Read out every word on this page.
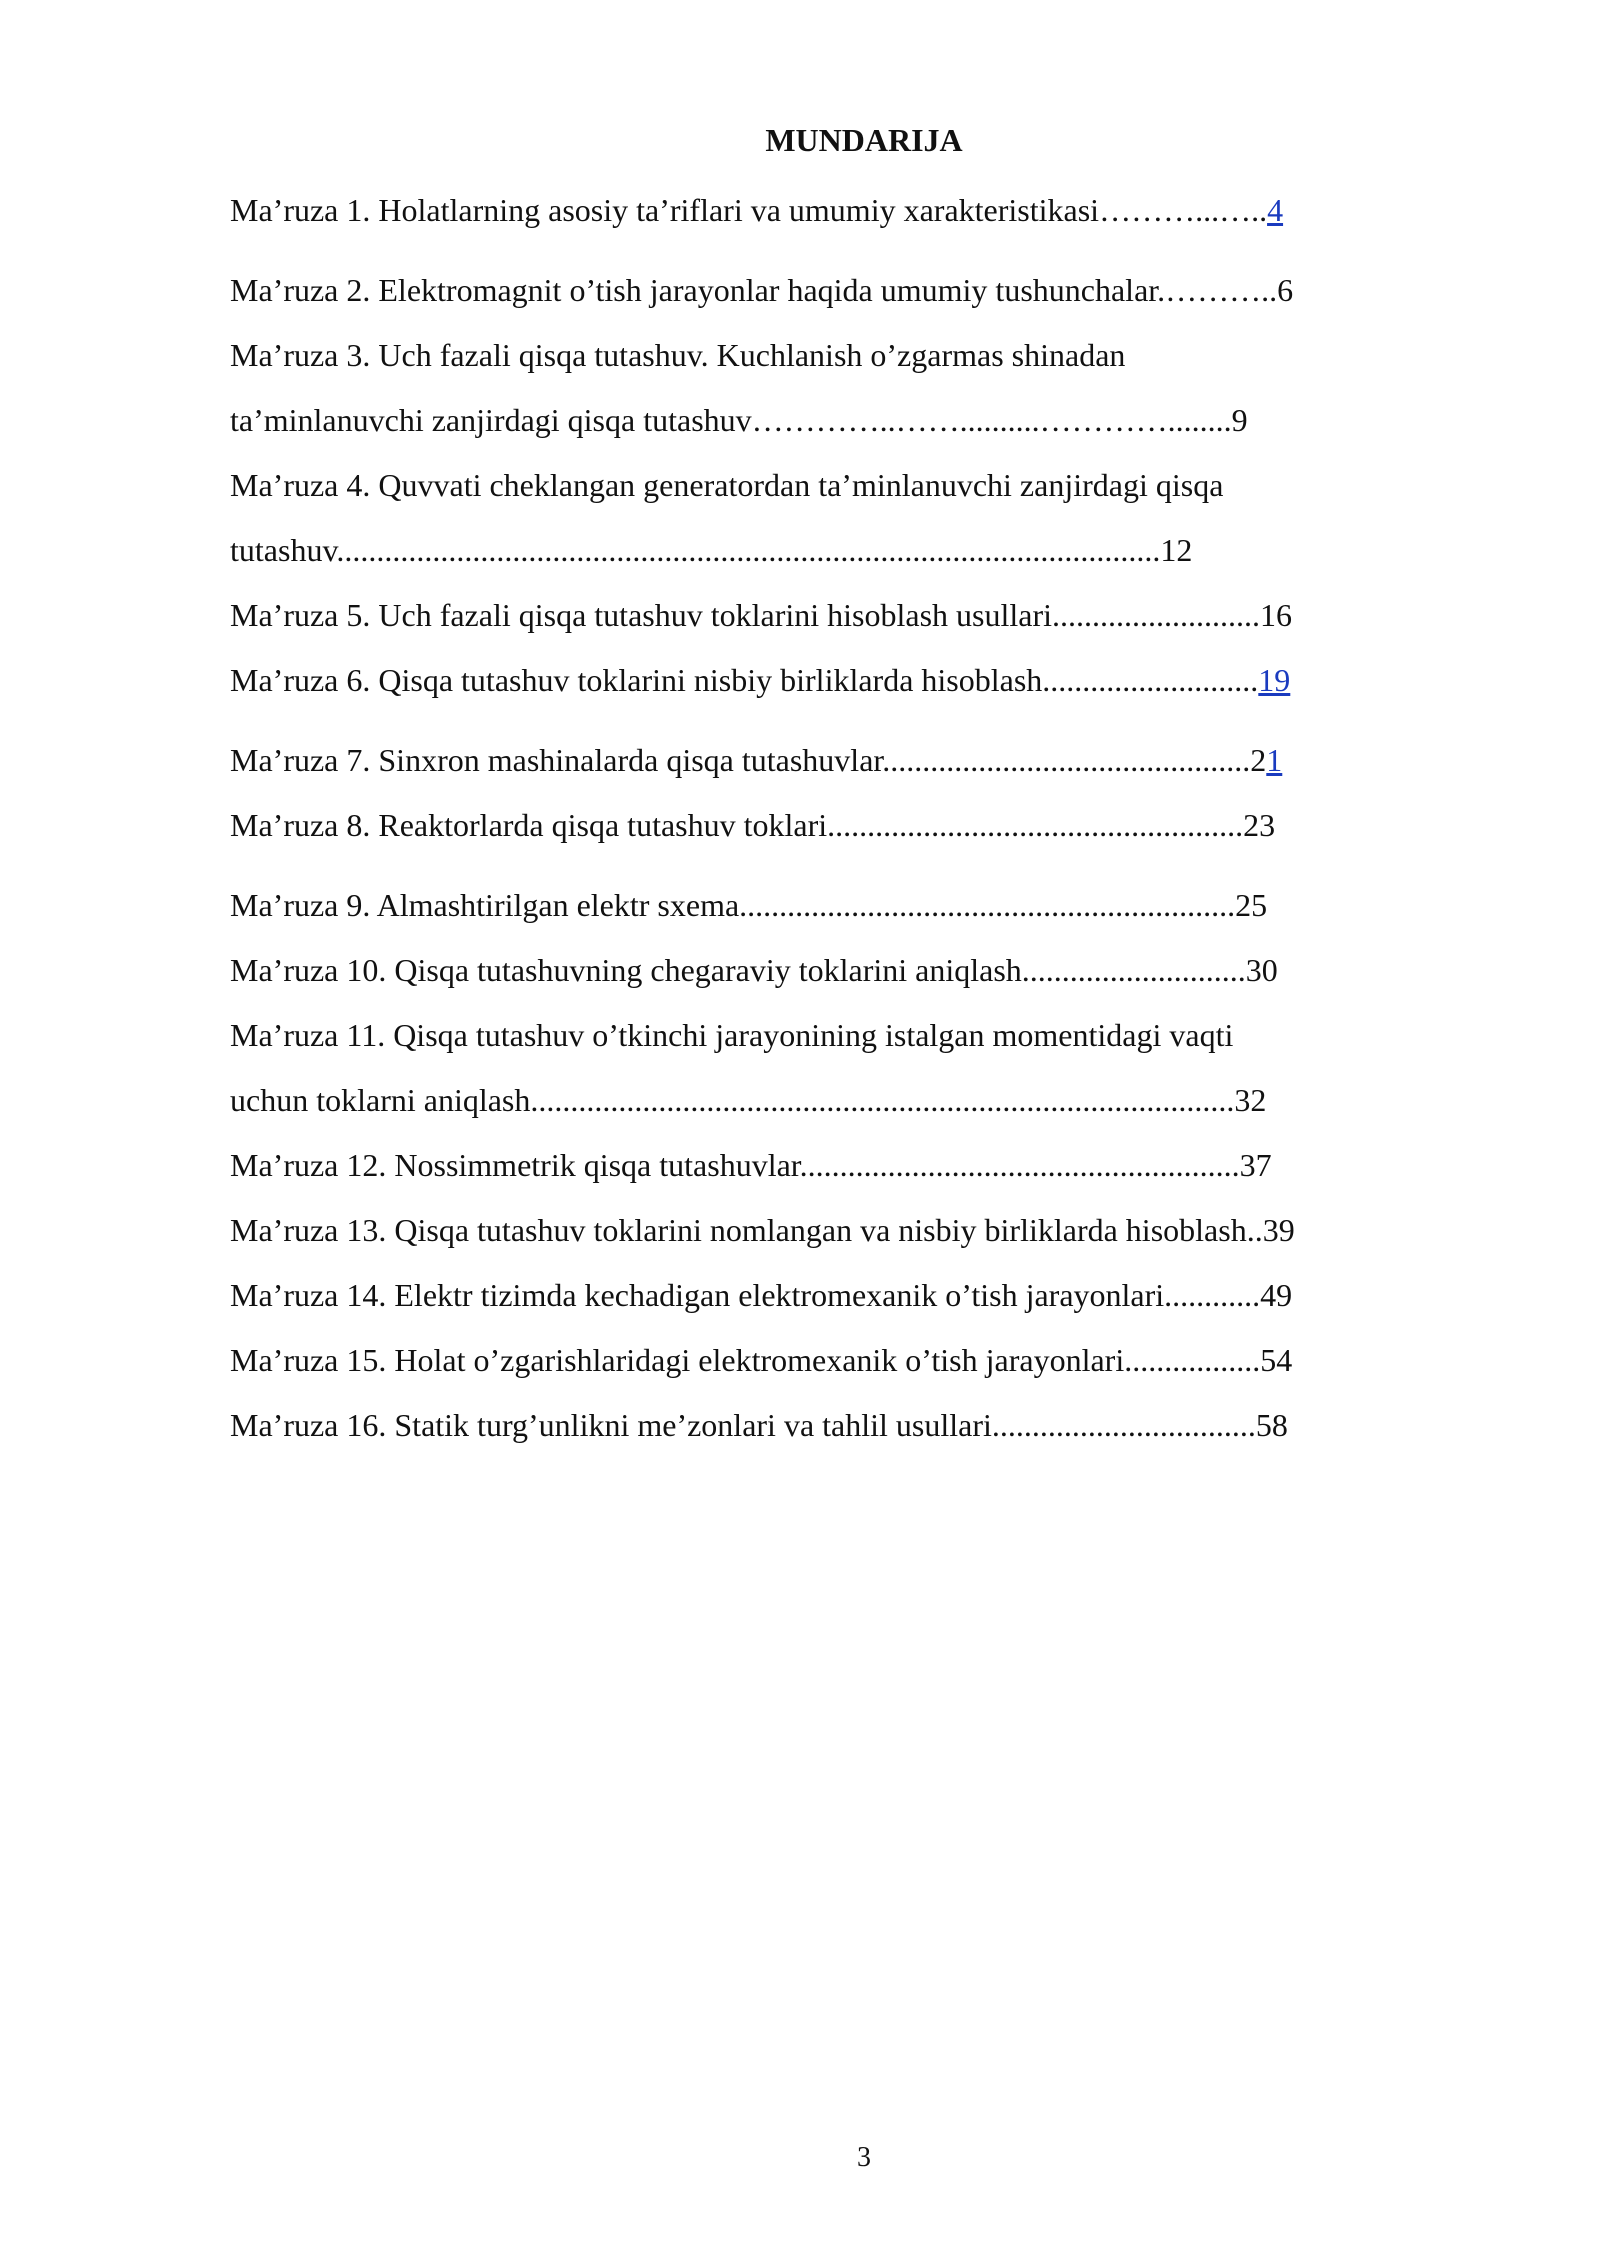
MUNDARIJA
Ma’ruza 1. Holatlarning asosiy ta’riflari va umumiy xarakteristikasi………...…..4
Ma’ruza 2. Elektromagnit o’tish jarayonlar haqida umumiy tushunchalar.………..6
Ma’ruza 3. Uch fazali qisqa tutashuv. Kuchlanish o’zgarmas shinadan
ta’minlanuvchi zanjirdagi qisqa tutashuv…………..……..........…………........9
Ma’ruza 4. Quvvati cheklangan generatordan ta’minlanuvchi zanjirdagi qisqa
tutashuv.......................................................................................................12
Ma’ruza 5. Uch fazali qisqa tutashuv toklarini hisoblash usullari..........................16
Ma’ruza 6. Qisqa tutashuv toklarini nisbiy birliklarda hisoblash...........................19
Ma’ruza 7. Sinxron mashinalarda qisqa tutashuvlar..............................................21
Ma’ruza 8. Reaktorlarda qisqa tutashuv toklari....................................................23
Ma’ruza 9. Almashtirilgan elektr sxema..............................................................25
Ma’ruza 10. Qisqa tutashuvning chegaraviy toklarini aniqlash............................30
Ma’ruza 11. Qisqa tutashuv o’tkinchi jarayonining istalgan momentidagi vaqti
uchun toklarni aniqlash........................................................................................32
Ma’ruza 12. Nossimmetrik qisqa tutashuvlar.......................................................37
Ma’ruza 13. Qisqa tutashuv toklarini nomlangan va nisbiy birliklarda hisoblash..39
Ma’ruza 14. Elektr tizimda kechadigan elektromexanik o’tish jarayonlari............49
Ma’ruza 15. Holat o’zgarishlaridagi elektromexanik o’tish jarayonlari.................54
Ma’ruza 16. Statik turg’unlikni me’zonlari va tahlil usullari.................................58
3
